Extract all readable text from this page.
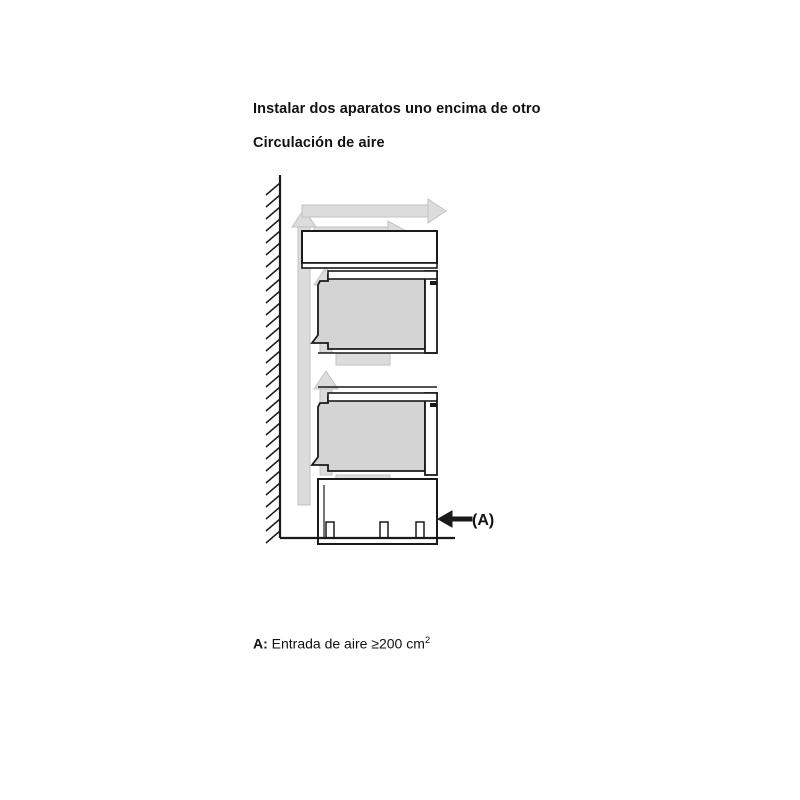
Instalar dos aparatos uno encima de otro
Circulación de aire
(A)
A: Entrada de aire ≥200 $cm^2$
